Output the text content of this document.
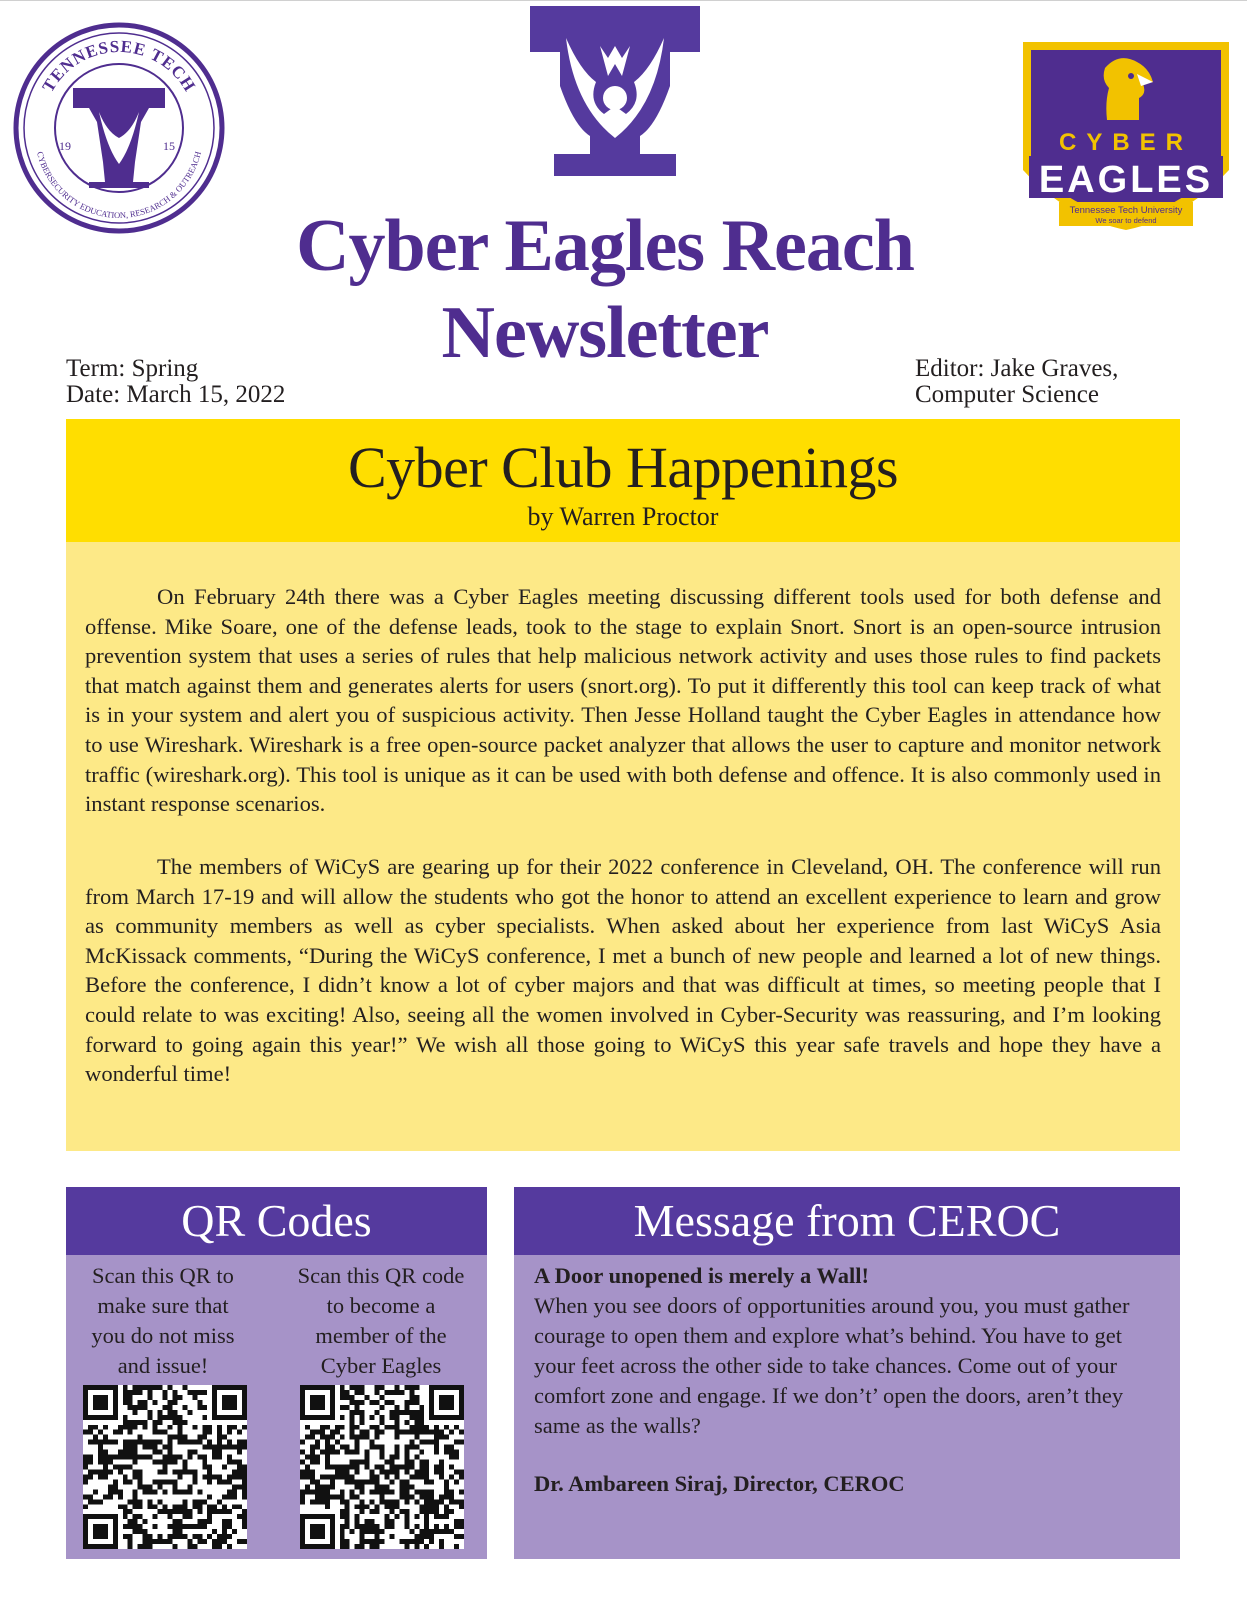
TENNESSEE TECH
CYBERSECURITY EDUCATION, RESEARCH & OUTREACH
19	15	CYBER
EAGLES
Tennessee Tech University
We soar to defend
Cyber Eagles Reach
Newsletter
Term: Spring
Date: March 15, 2022
Editor: Jake Graves,
Computer Science
Cyber Club Happenings
by Warren Proctor

On February 24th there was a Cyber Eagles meeting discussing different tools used for both defense and offense. Mike Soare, one of the defense leads, took to the stage to explain Snort. Snort is an open-source intrusion prevention system that uses a series of rules that help malicious network activity and uses those rules to find packets that match against them and generates alerts for users (snort.org). To put it differently this tool can keep track of what is in your system and alert you of suspicious activity. Then Jesse Holland taught the Cyber Eagles in attendance how to use Wireshark. Wireshark is a free open-source packet analyzer that allows the user to capture and monitor network traffic (wireshark.org). This tool is unique as it can be used with both defense and offence. It is also commonly used in instant response scenarios.

The members of WiCyS are gearing up for their 2022 conference in Cleveland, OH. The conference will run from March 17-19 and will allow the students who got the honor to attend an excellent experience to learn and grow as community members as well as cyber specialists. When asked about her experience from last WiCyS Asia McKissack comments, “During the WiCyS conference, I met a bunch of new people and learned a lot of new things. Before the conference, I didn’t know a lot of cyber majors and that was difficult at times, so meeting people that I could relate to was exciting! Also, seeing all the women involved in Cyber-Security was reassuring, and I’m looking forward to going again this year!” We wish all those going to WiCyS this year safe travels and hope they have a wonderful time!

QR Codes

Scan this QR to make sure that you do not miss and issue!

Scan this QR code to become a member of the Cyber Eagles

Message from CEROC

A Door unopened is merely a Wall!

When you see doors of opportunities around you, you must gather courage to open them and explore what’s behind. You have to get your feet across the other side to take chances. Come out of your comfort zone and engage. If we don’t’ open the doors, aren’t they same as the walls?

Dr. Ambareen Siraj, Director, CEROC
